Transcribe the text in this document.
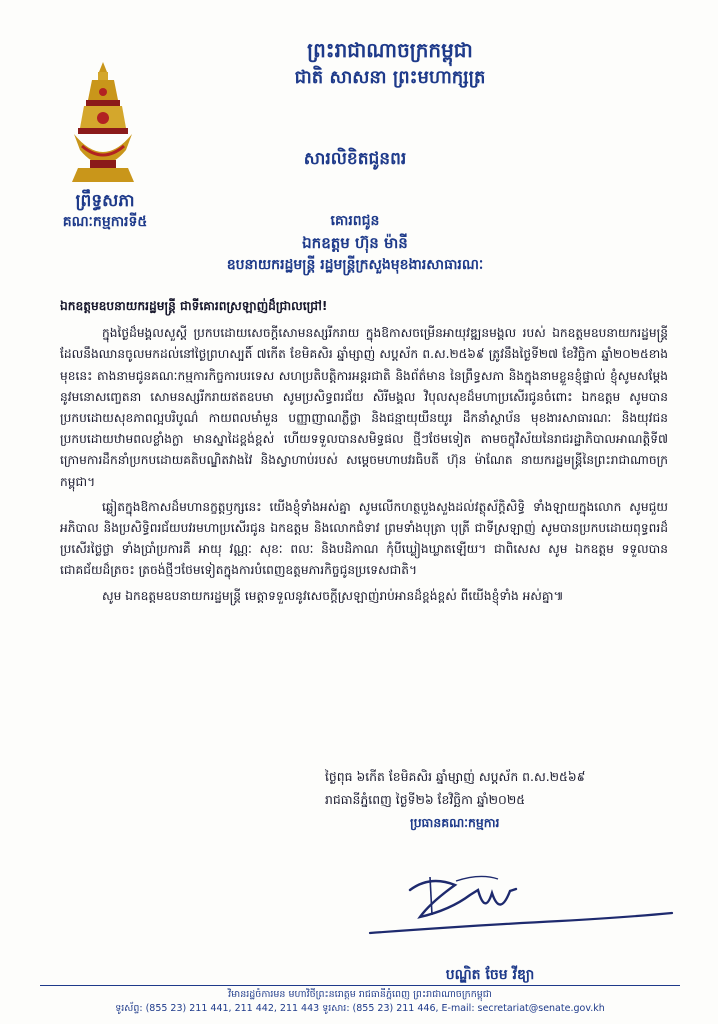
ព្រឹទ្ធសភា
គណៈកម្មការទី៥
ព្រះរាជាណាចក្រកម្ពុជា
ជាតិ សាសនា ព្រះមហាក្សត្រ
សារលិខិតជូនពរ
គោរពជូន
ឯកឧត្តម ហ៊ុន ម៉ានី
ឧបនាយករដ្ឋមន្ត្រី រដ្ឋមន្ត្រីក្រសួងមុខងារសាធារណៈ

ឯកឧត្តមឧបនាយករដ្ឋមន្ត្រី ជាទីគោរពស្រឡាញ់ដ៏ជ្រាលជ្រៅ!

ក្នុងថ្ងៃដ៏មង្គលសួស្តី ប្រកបដោយសេចក្តីសោមនស្សរីករាយ ក្នុងឱកាសចម្រើនអាយុវឌ្ឍនមង្គល របស់ ឯកឧត្តមឧបនាយករដ្ឋមន្ត្រី ដែលនឹងឈានចូលមកដល់នៅថ្ងៃព្រហស្បតិ៍ ៧កើត ខែមិគសិរ ឆ្នាំម្សាញ់ សប្តស័ក ព.ស.២៥៦៩ ត្រូវនឹងថ្ងៃទី២៧ ខែវិច្ឆិកា ឆ្នាំ២០២៥ខាងមុខនេះ តាងនាមជូនគណៈកម្មការកិច្ចការបរទេស សហប្រតិបត្តិការអន្តរជាតិ និងព័ត៌មាន នៃព្រឹទ្ធសភា និងក្នុងនាមខ្លួនខ្ញុំផ្ទាល់ ខ្ញុំសូមសម្តែងនូវមនោសញ្ចេតនា សោមនស្សរីករាយឥតឧបមា សូមប្រសិទ្ធពរជ័យ សិរីមង្គល វិបុលសុខដ៏មហាប្រសើរជូនចំពោះ ឯកឧត្តម សូមបានប្រកបដោយសុខភាពល្អបរិបូណ៌ កាយពលមាំមួន បញ្ញាញាណភ្លឺថ្លា និងជន្មាយុយឺនយូរ ដឹកនាំស្ថាប័ន មុខងារសាធារណៈ និងយុវជនប្រកបដោយឋាមពលខ្លាំងក្លា មានស្នាដៃខ្ពង់ខ្ពស់ ហើយទទួលបានសមិទ្ធផល ថ្មីៗថែមទៀត តាមចក្ខុវិស័យនៃរាជរដ្ឋាភិបាលអាណត្តិទី៧ ក្រោមការដឹកនាំប្រកបដោយគតិបណ្ឌិតវាងវៃ និងស្វាហាប់របស់ សម្តេចមហាបវរធិបតី ហ៊ុន ម៉ាណែត នាយករដ្ឋមន្ត្រីនៃព្រះរាជាណាចក្រកម្ពុជា។

ឆ្លៀតក្នុងឱកាសដ៏មហានក្ខត្តឫក្សនេះ យើងខ្ញុំទាំងអស់គ្នា សូមលើកហត្ថបួងសួងដល់វត្ថុស័ក្តិសិទ្ធិ ទាំងឡាយក្នុងលោក សូមជួយអភិបាល និងប្រសិទ្ធិពរជ័យបវរមហាប្រសើរជូន ឯកឧត្តម និងលោកជំទាវ ព្រមទាំងបុត្រា បុត្រី ជាទីស្រឡាញ់ សូមបានប្រកបដោយពុទ្ធពរដ៏ប្រសើរថ្លៃថ្លា ទាំងប្រាំប្រការគឺ អាយុ វណ្ណៈ សុខៈ ពលៈ និងបដិភាណ កុំបីឃ្លៀងឃ្លាតឡើយ។ ជាពិសេស សូម ឯកឧត្តម ទទួលបានជោគជ័យដ៏ត្រចះ ត្រចង់ថ្មីៗថែមទៀតក្នុងការបំពេញឧត្តមភារកិច្ចជូនប្រទេសជាតិ។

សូម ឯកឧត្តមឧបនាយករដ្ឋមន្ត្រី មេត្តាទទួលនូវសេចក្តីស្រឡាញ់រាប់អានដ៏ខ្ពង់ខ្ពស់ ពីយើងខ្ញុំទាំង អស់គ្នា៕

ថ្ងៃពុធ ៦កើត ខែមិគសិរ ឆ្នាំម្សាញ់ សប្តស័ក ព.ស.២៥៦៩
រាជធានីភ្នំពេញ ថ្ងៃទី២៦ ខែវិច្ឆិកា ឆ្នាំ២០២៥
ប្រធានគណៈកម្មការ
បណ្ឌិត ចែម វីឌ្យា
វិមានរដ្ឋចំការមន មហាវិថីព្រះនរោត្តម រាជធានីភ្នំពេញ ព្រះរាជាណាចក្រកម្ពុជា
ទូរស័ព្ទ: (855 23) 211 441, 211 442, 211 443 ទូរសារ: (855 23) 211 446, E-mail: secretariat@senate.gov.kh
